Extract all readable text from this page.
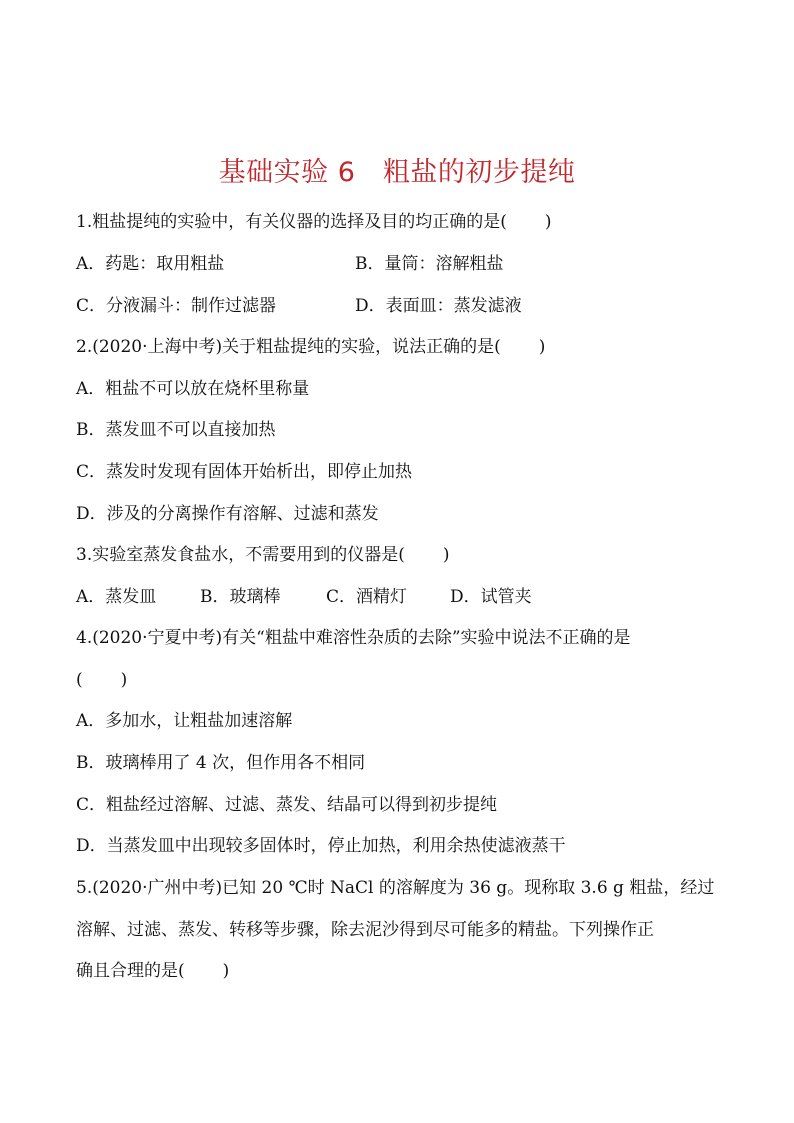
基础实验 6　粗盐的初步提纯
1.粗盐提纯的实验中，有关仪器的选择及目的均正确的是( )
A．药匙：取用粗盐	B．量筒：溶解粗盐
C．分液漏斗：制作过滤器	D．表面皿：蒸发滤液
2.(2020·上海中考)关于粗盐提纯的实验，说法正确的是( )
A．粗盐不可以放在烧杯里称量
B．蒸发皿不可以直接加热
C．蒸发时发现有固体开始析出，即停止加热
D．涉及的分离操作有溶解、过滤和蒸发
3.实验室蒸发食盐水，不需要用到的仪器是( )
A．蒸发皿	B．玻璃棒	C．酒精灯	D．试管夹
4.(2020·宁夏中考)有关“粗盐中难溶性杂质的去除”实验中说法不正确的是
( )
A．多加水，让粗盐加速溶解
B．玻璃棒用了 4 次，但作用各不相同
C．粗盐经过溶解、过滤、蒸发、结晶可以得到初步提纯
D．当蒸发皿中出现较多固体时，停止加热，利用余热使滤液蒸干
5.(2020·广州中考)已知 20 ℃时 NaCl 的溶解度为 36 g。现称取 3.6 g 粗盐，经过
溶解、过滤、蒸发、转移等步骤，除去泥沙得到尽可能多的精盐。下列操作正
确且合理的是( )
